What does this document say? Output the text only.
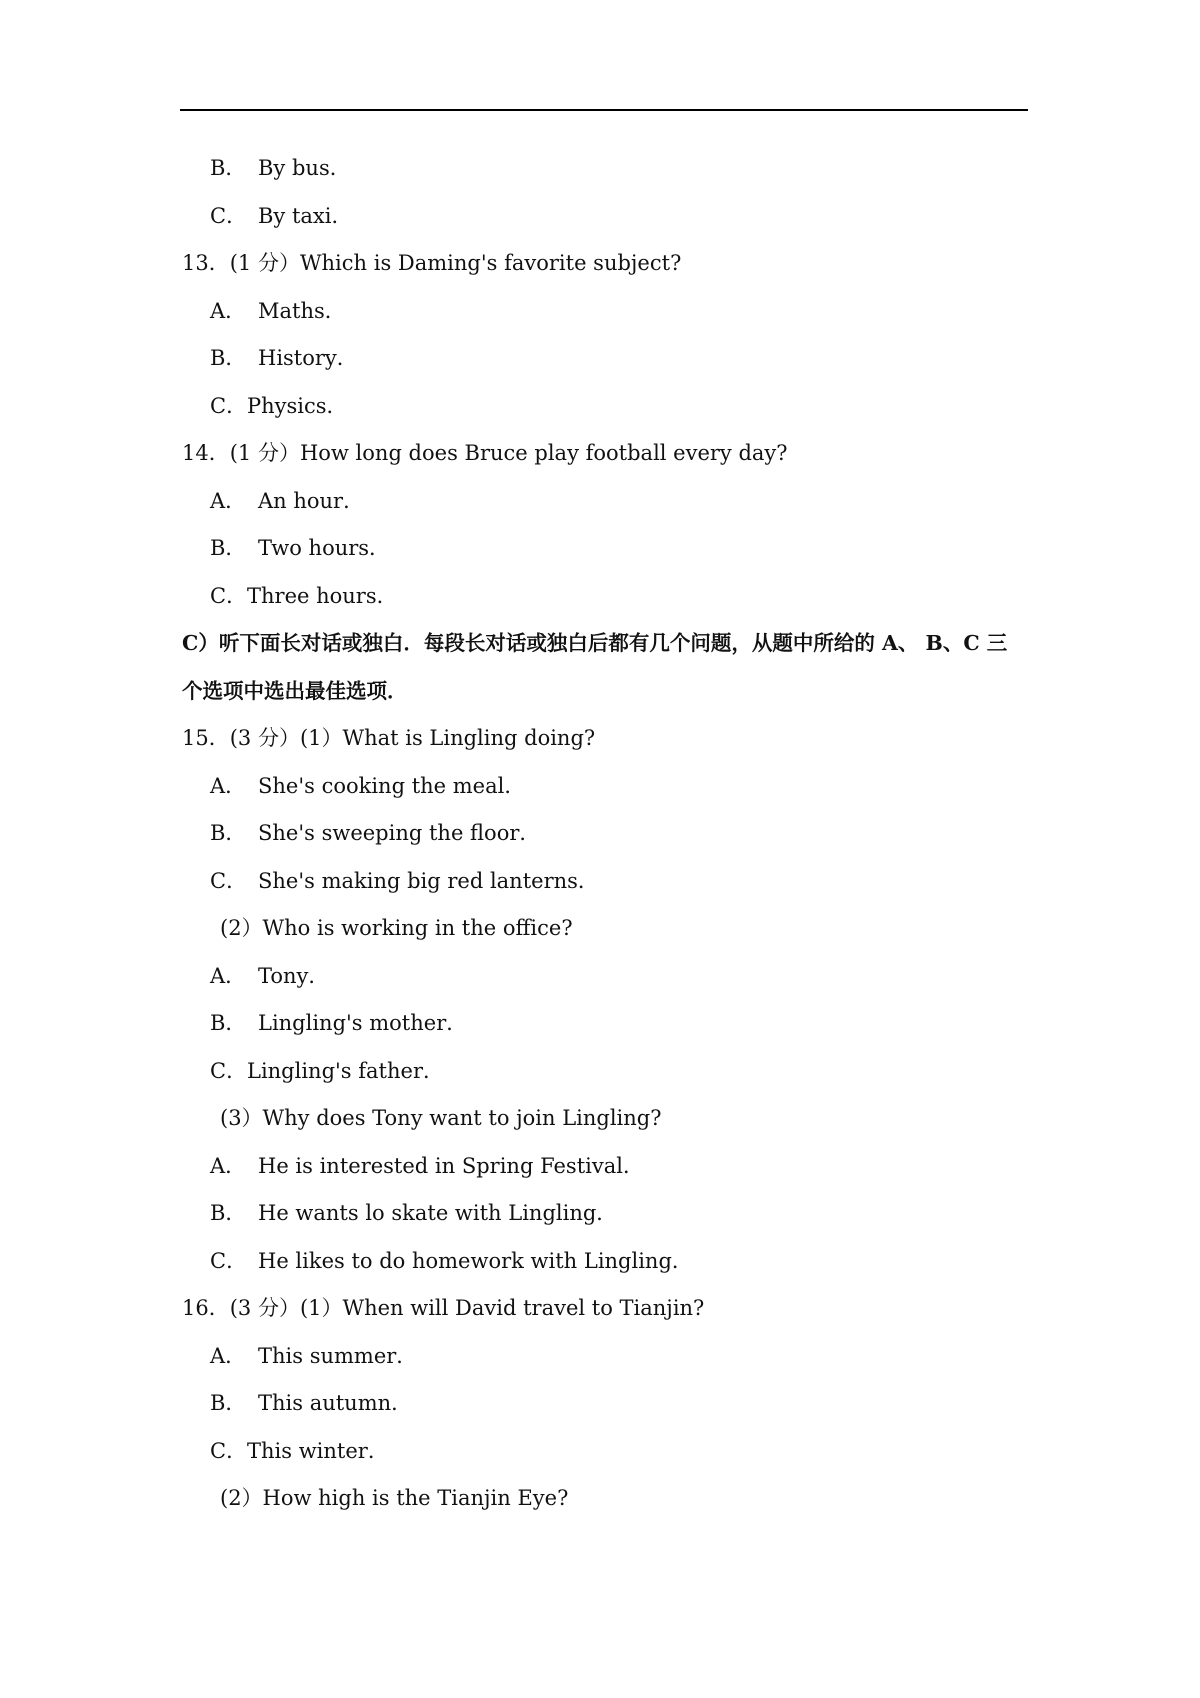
B． By bus．
C． By taxi．
13．(1 分）Which is Daming's favorite subject?
A． Maths．
B． History．
C．Physics．
14．(1 分）How long does Bruce play football every day?
A． An hour．
B． Two hours．
C．Three hours．
C）听下面长对话或独白．每段长对话或独白后都有几个问题，从题中所给的 A、 B、C 三
个选项中选出最佳选项．
15．(3 分）(1）What is Lingling doing?
A． She's cooking the meal．
B． She's sweeping the floor．
C． She's making big red lanterns．
(2）Who is working in the office?
A． Tony．
B． Lingling's mother．
C．Lingling's father．
(3）Why does Tony want to join Lingling?
A． He is interested in Spring Festival．
B． He wants lo skate with Lingling．
C． He likes to do homework with Lingling．
16．(3 分）(1）When will David travel to Tianjin?
A． This summer．
B． This autumn．
C．This winter．
(2）How high is the Tianjin Eye?
